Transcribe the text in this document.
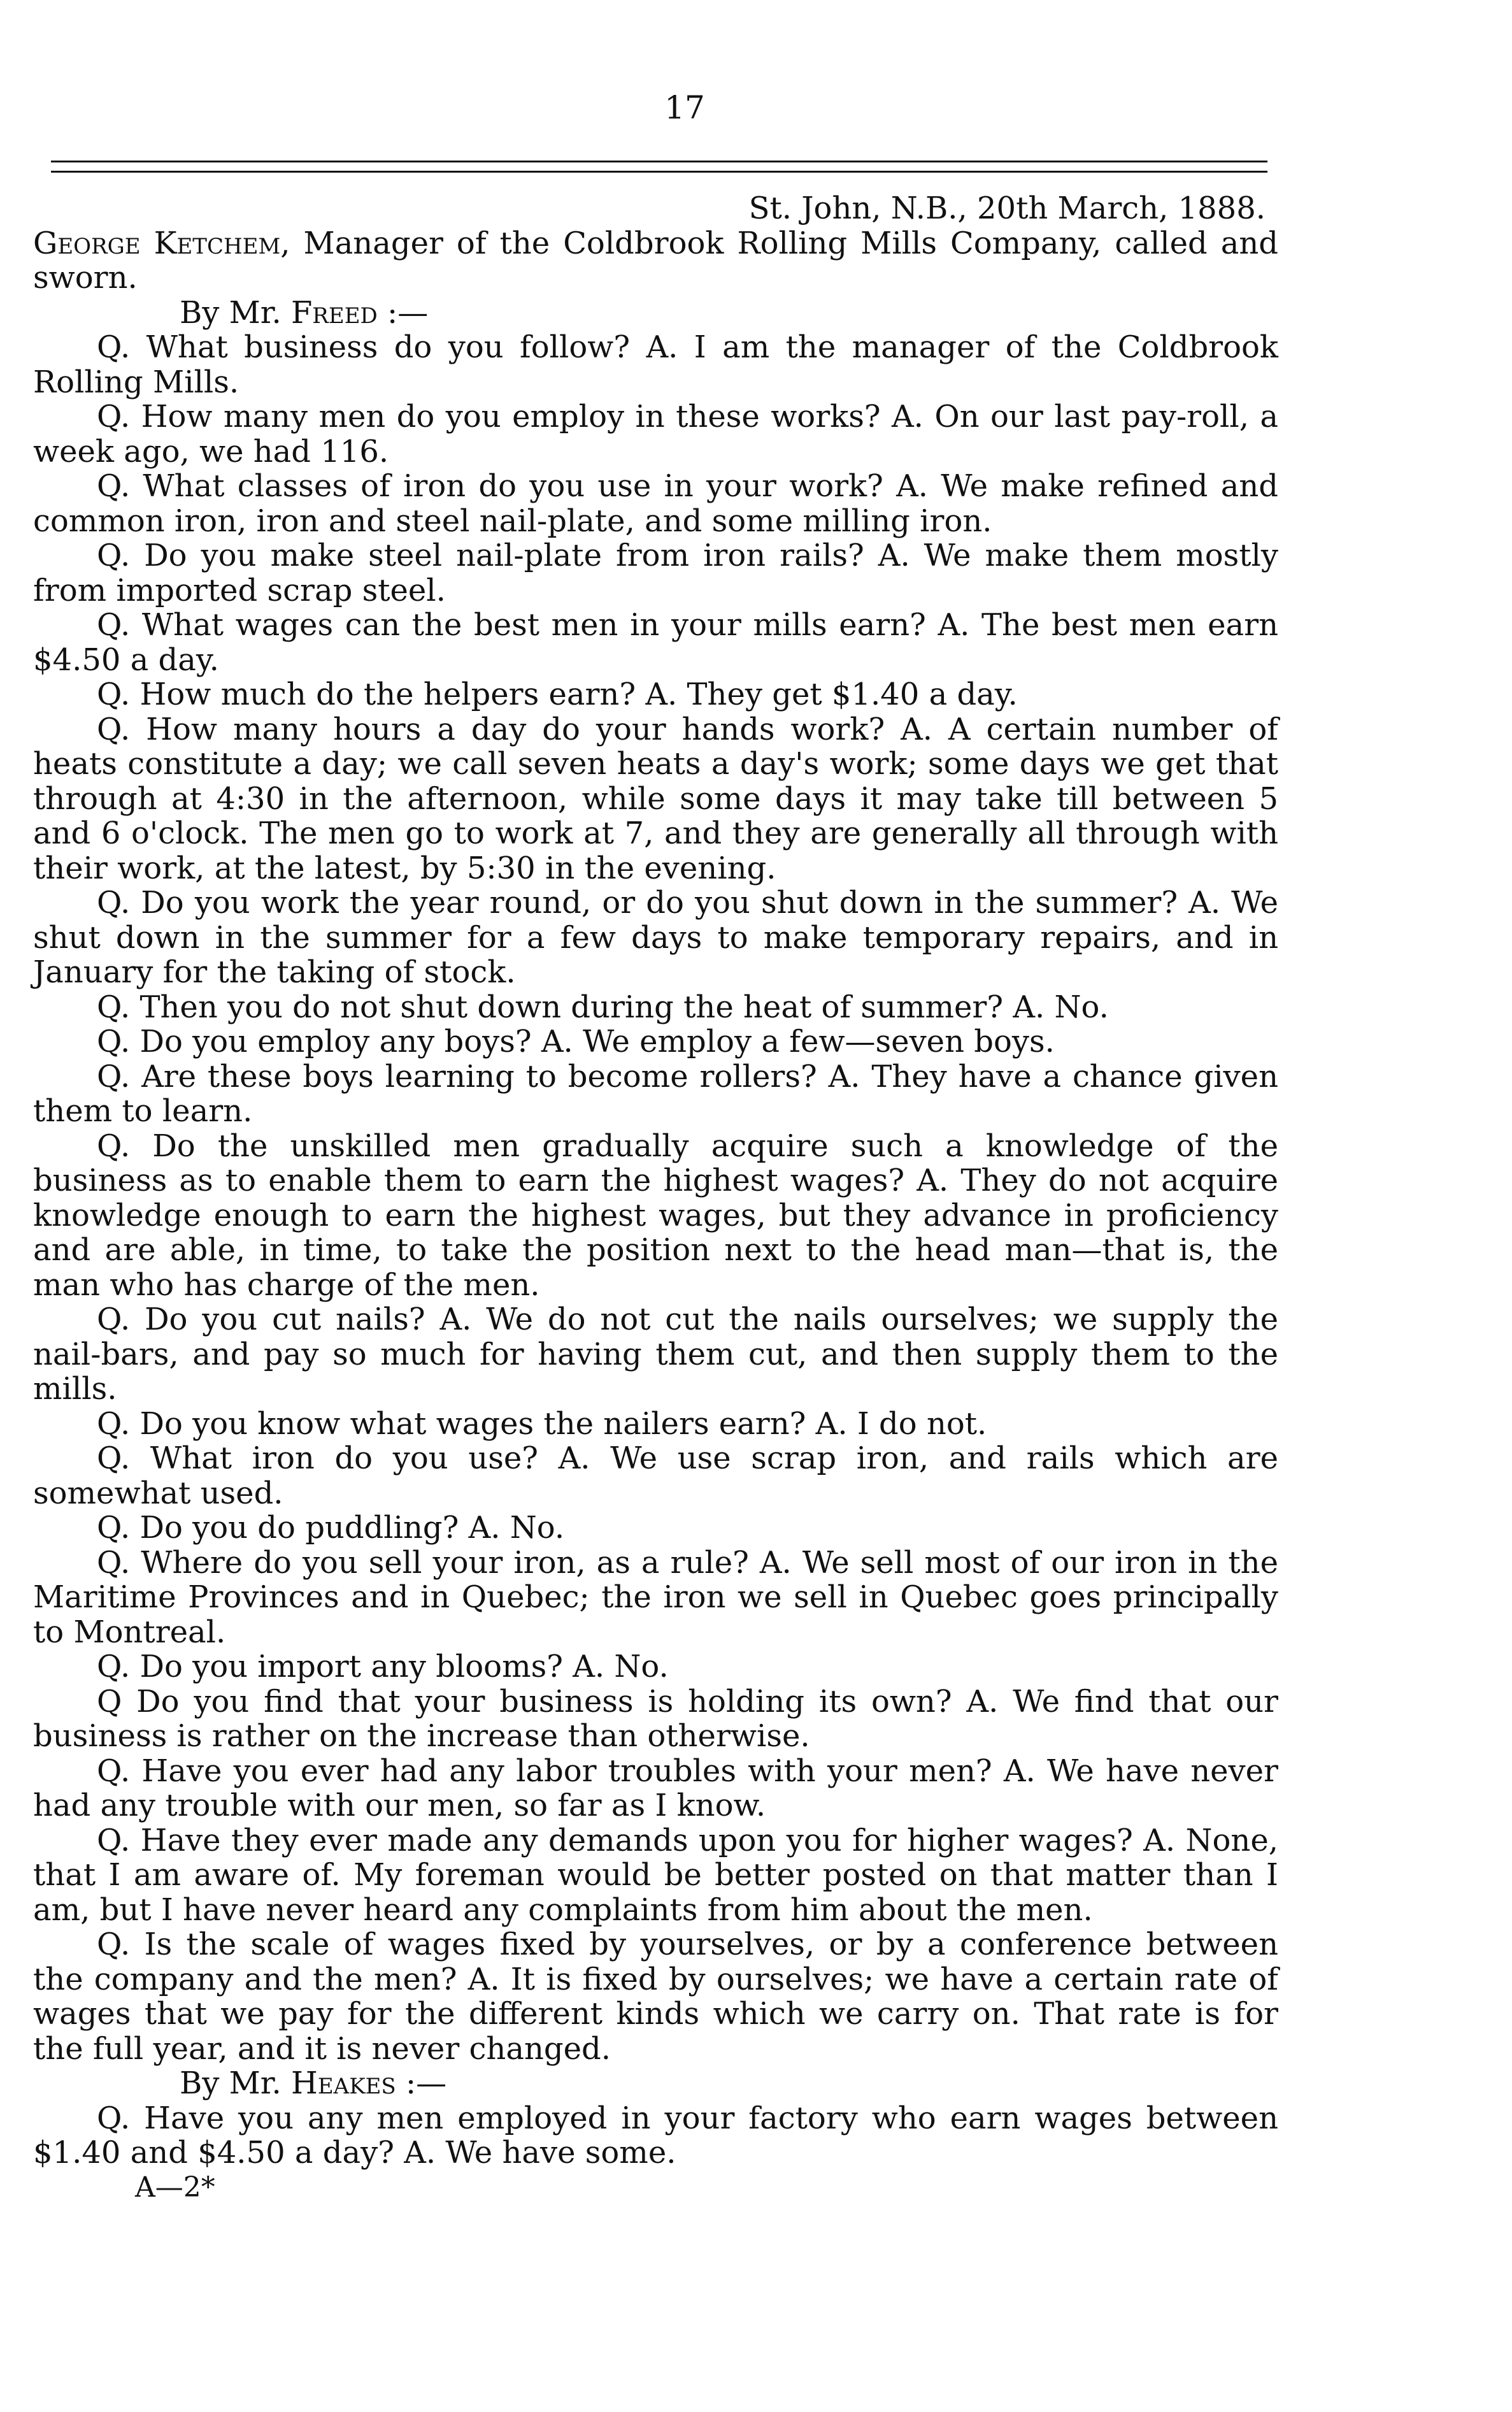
17

St. John, N.B., 20th March, 1888.

George Ketchem, Manager of the Coldbrook Rolling Mills Company, called and sworn.

By Mr. Freed :—

Q. What business do you follow? A. I am the manager of the Coldbrook Rolling Mills.

Q. How many men do you employ in these works? A. On our last pay-roll, a week ago, we had 116.

Q. What classes of iron do you use in your work? A. We make refined and common iron, iron and steel nail-plate, and some milling iron.

Q. Do you make steel nail-plate from iron rails? A. We make them mostly from imported scrap steel.

Q. What wages can the best men in your mills earn? A. The best men earn $4.50 a day.

Q. How much do the helpers earn? A. They get $1.40 a day.

Q. How many hours a day do your hands work? A. A certain number of heats constitute a day; we call seven heats a day's work; some days we get that through at 4:30 in the afternoon, while some days it may take till between 5 and 6 o'clock. The men go to work at 7, and they are generally all through with their work, at the latest, by 5:30 in the evening.

Q. Do you work the year round, or do you shut down in the summer? A. We shut down in the summer for a few days to make temporary repairs, and in January for the taking of stock.

Q. Then you do not shut down during the heat of summer? A. No.

Q. Do you employ any boys? A. We employ a few—seven boys.

Q. Are these boys learning to become rollers? A. They have a chance given them to learn.

Q. Do the unskilled men gradually acquire such a knowledge of the business as to enable them to earn the highest wages? A. They do not acquire knowledge enough to earn the highest wages, but they advance in proficiency and are able, in time, to take the position next to the head man—that is, the man who has charge of the men.

Q. Do you cut nails? A. We do not cut the nails ourselves; we supply the nail-bars, and pay so much for having them cut, and then supply them to the mills.

Q. Do you know what wages the nailers earn? A. I do not.

Q. What iron do you use? A. We use scrap iron, and rails which are somewhat used.

Q. Do you do puddling? A. No.

Q. Where do you sell your iron, as a rule? A. We sell most of our iron in the Maritime Provinces and in Quebec; the iron we sell in Quebec goes principally to Montreal.

Q. Do you import any blooms? A. No.

Q Do you find that your business is holding its own? A. We find that our business is rather on the increase than otherwise.

Q. Have you ever had any labor troubles with your men? A. We have never had any trouble with our men, so far as I know.

Q. Have they ever made any demands upon you for higher wages? A. None, that I am aware of. My foreman would be better posted on that matter than I am, but I have never heard any complaints from him about the men.

Q. Is the scale of wages fixed by yourselves, or by a conference between the company and the men? A. It is fixed by ourselves; we have a certain rate of wages that we pay for the different kinds which we carry on. That rate is for the full year, and it is never changed.

By Mr. Heakes :—

Q. Have you any men employed in your factory who earn wages between $1.40 and $4.50 a day? A. We have some.

A—2*
